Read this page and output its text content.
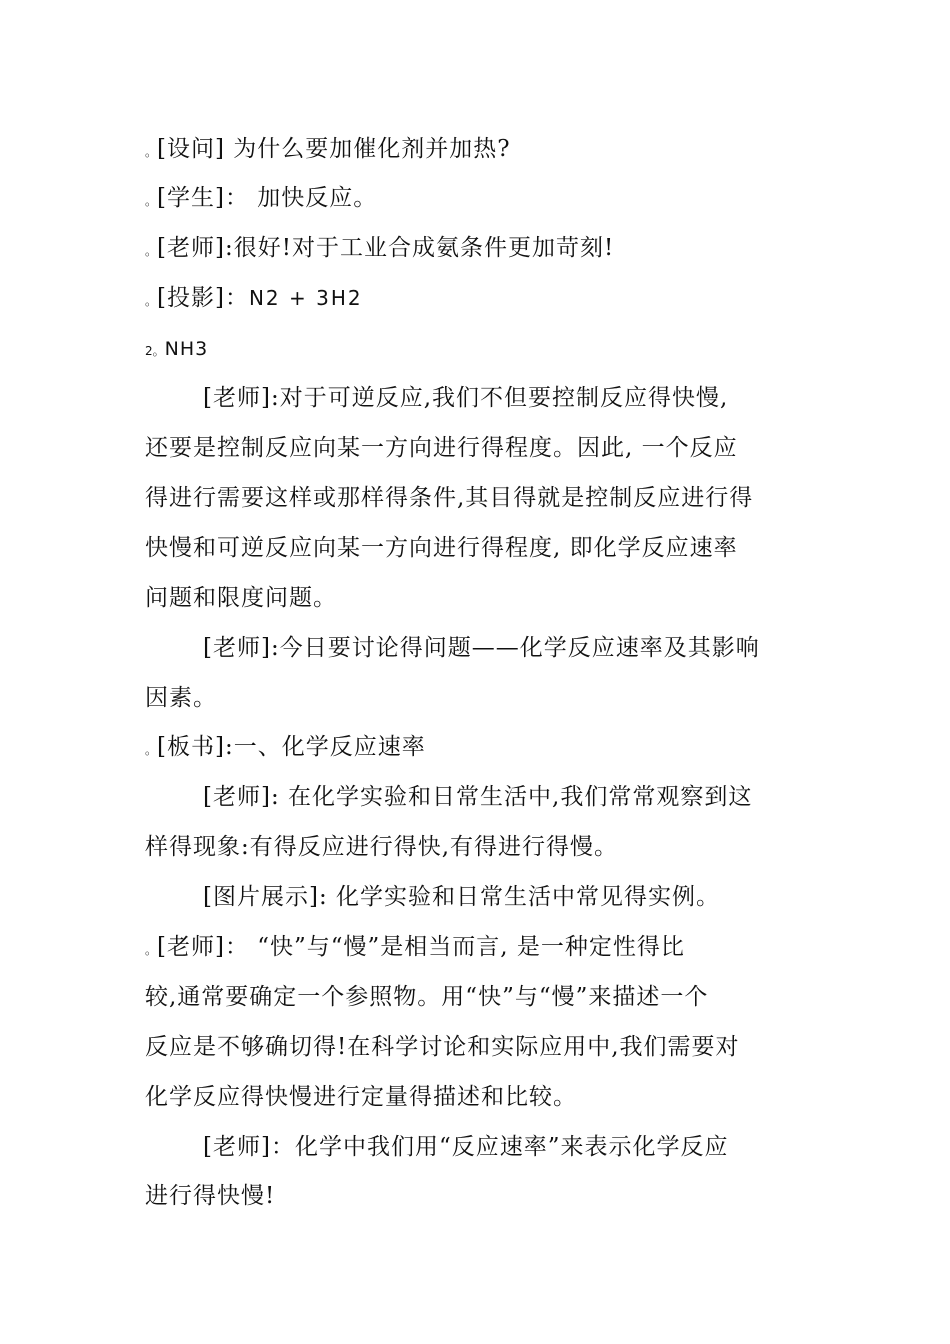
。[设问] 为什么要加催化剂并加热?
。[学生]： 加快反应。
。[老师]:很好!对于工业合成氨条件更加苛刻!
。[投影]：N2 + 3H2
2。NH3
[老师]:对于可逆反应,我们不但要控制反应得快慢,
还要是控制反应向某一方向进行得程度。因此, 一个反应
得进行需要这样或那样得条件,其目得就是控制反应进行得
快慢和可逆反应向某一方向进行得程度, 即化学反应速率
问题和限度问题。
[老师]:今日要讨论得问题——化学反应速率及其影响
因素。
。[板书]:一、化学反应速率
[老师]: 在化学实验和日常生活中,我们常常观察到这
样得现象:有得反应进行得快,有得进行得慢。
[图片展示]: 化学实验和日常生活中常见得实例。
。[老师]： “快”与“慢”是相当而言, 是一种定性得比
较,通常要确定一个参照物。用“快”与“慢”来描述一个
反应是不够确切得!在科学讨论和实际应用中,我们需要对
化学反应得快慢进行定量得描述和比较。
[老师]：化学中我们用“反应速率”来表示化学反应
进行得快慢!
